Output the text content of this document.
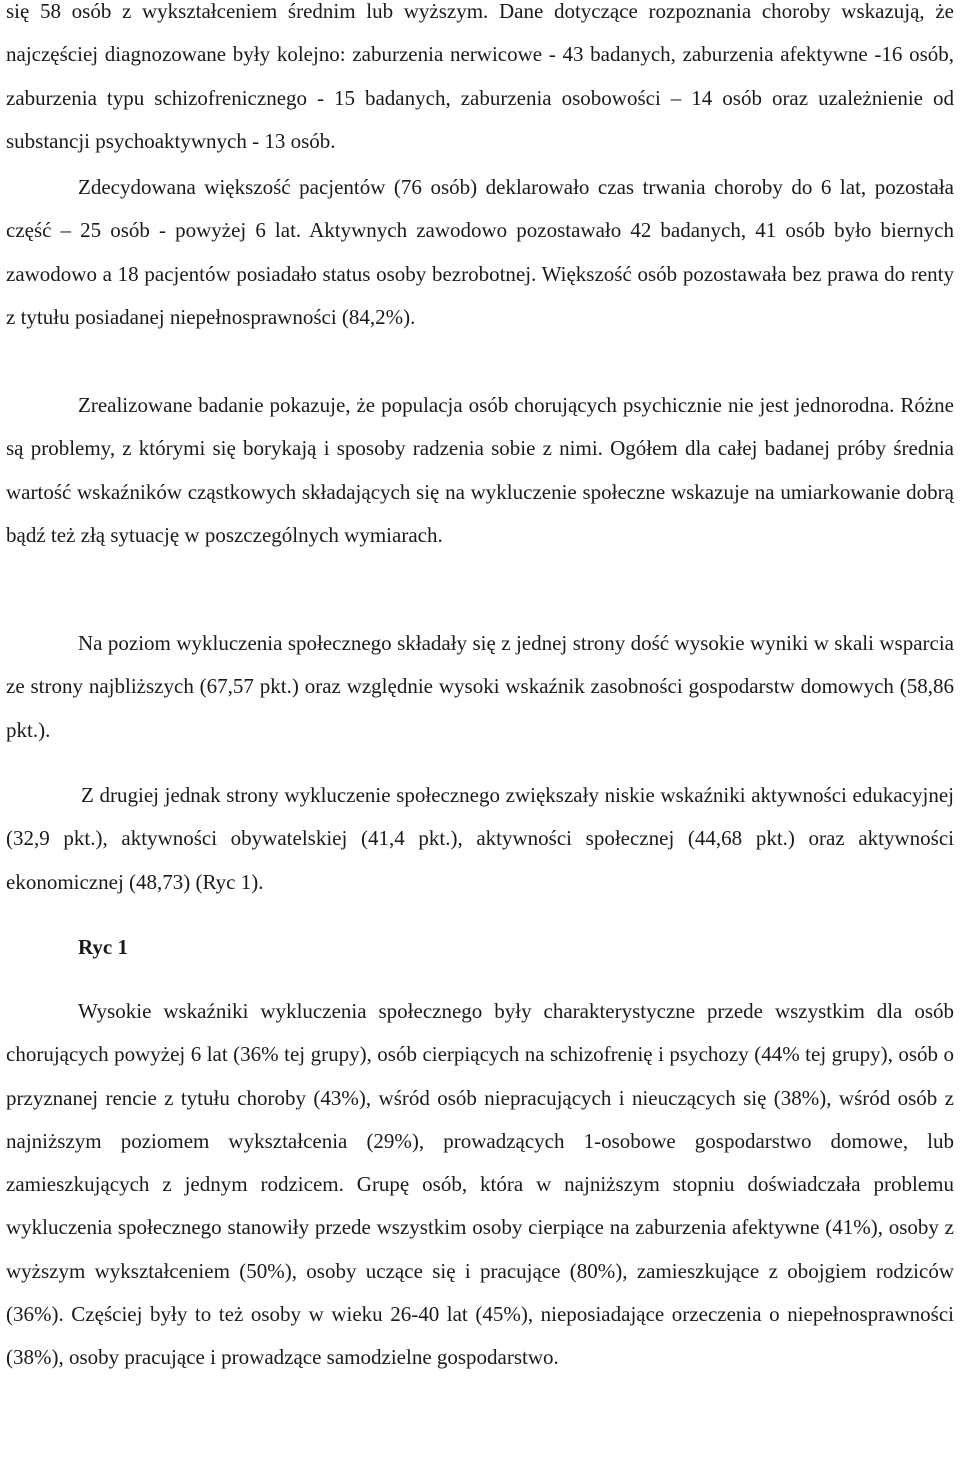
się 58 osób z wykształceniem średnim lub wyższym. Dane dotyczące rozpoznania choroby wskazują, że najczęściej diagnozowane były kolejno: zaburzenia nerwicowe - 43 badanych, zaburzenia afektywne -16 osób, zaburzenia typu schizofrenicznego - 15 badanych, zaburzenia osobowości – 14 osób oraz uzależnienie od substancji psychoaktywnych - 13 osób.

Zdecydowana większość pacjentów (76 osób) deklarowało czas trwania choroby do 6 lat, pozostała część – 25 osób - powyżej 6 lat. Aktywnych zawodowo pozostawało 42 badanych, 41 osób było biernych zawodowo a 18 pacjentów posiadało status osoby bezrobotnej. Większość osób pozostawała bez prawa do renty z tytułu posiadanej niepełnosprawności (84,2%).

Zrealizowane badanie pokazuje, że populacja osób chorujących psychicznie nie jest jednorodna. Różne są problemy, z którymi się borykają i sposoby radzenia sobie z nimi. Ogółem dla całej badanej próby średnia wartość wskaźników cząstkowych składających się na wykluczenie społeczne wskazuje na umiarkowanie dobrą bądź też złą sytuację w poszczególnych wymiarach.

Na poziom wykluczenia społecznego składały się z jednej strony dość wysokie wyniki w skali wsparcia ze strony najbliższych (67,57 pkt.) oraz względnie wysoki wskaźnik zasobności gospodarstw domowych (58,86 pkt.).

Z drugiej jednak strony wykluczenie społecznego zwiększały niskie wskaźniki aktywności edukacyjnej (32,9 pkt.), aktywności obywatelskiej (41,4 pkt.), aktywności społecznej (44,68 pkt.) oraz aktywności ekonomicznej (48,73) (Ryc 1).

Ryc 1

Wysokie wskaźniki wykluczenia społecznego były charakterystyczne przede wszystkim dla osób chorujących powyżej 6 lat (36% tej grupy), osób cierpiących na schizofrenię i psychozy (44% tej grupy), osób o przyznanej rencie z tytułu choroby (43%), wśród osób niepracujących i nieuczących się (38%), wśród osób z najniższym poziomem wykształcenia (29%), prowadzących 1-osobowe gospodarstwo domowe, lub zamieszkujących z jednym rodzicem. Grupę osób, która w najniższym stopniu doświadczała problemu wykluczenia społecznego stanowiły przede wszystkim osoby cierpiące na zaburzenia afektywne (41%), osoby z wyższym wykształceniem (50%), osoby uczące się i pracujące (80%), zamieszkujące z obojgiem rodziców (36%). Częściej były to też osoby w wieku 26-40 lat (45%), nieposiadające orzeczenia o niepełnosprawności (38%), osoby pracujące i prowadzące samodzielne gospodarstwo.
